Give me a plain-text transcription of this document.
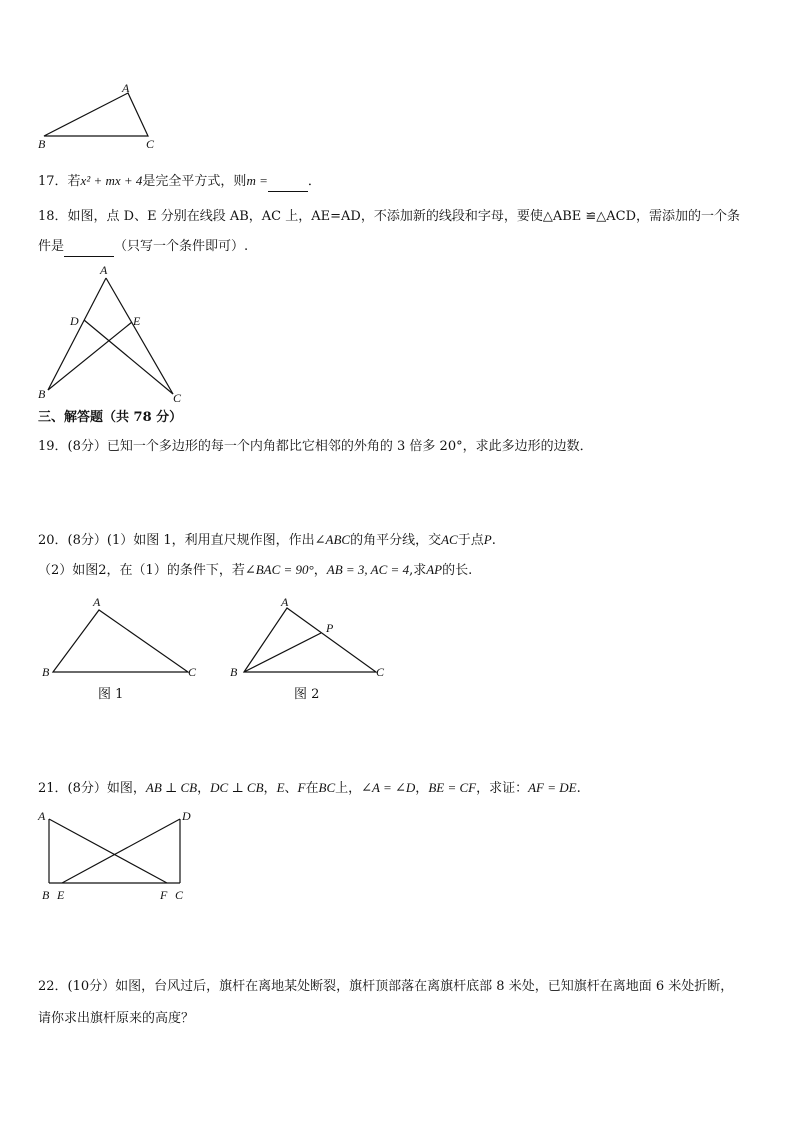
A
B	C
17．若x² + mx + 4是完全平方式，则m =	．
18．如图，点 D、E 分别在线段 AB，AC 上，AE=AD，不添加新的线段和字母，要使△ABE ≌△ACD，需添加的一个条
件是	（只写一个条件即可）.
A
B	C
D	E
三、解答题（共 78 分）
19．(8分）已知一个多边形的每一个内角都比它相邻的外角的 3 倍多 20°，求此多边形的边数．
20．(8分）(1）如图 1，利用直尺规作图，作出∠ABC的角平分线，交AC于点P.
（2）如图2，在（1）的条件下，若∠BAC = 90°，AB = 3, AC = 4,求AP的长.
A
B	C
图 1
A
B	C
P
图 2
21．(8分）如图，AB ⊥ CB，DC ⊥ CB，E、F在BC上，∠A = ∠D，BE = CF，求证：AF = DE.
A	D
B E	F C
22．(10分）如图，台风过后，旗杆在离地某处断裂，旗杆顶部落在离旗杆底部 8 米处，已知旗杆在离地面 6 米处折断，
请你求出旗杆原来的高度？
